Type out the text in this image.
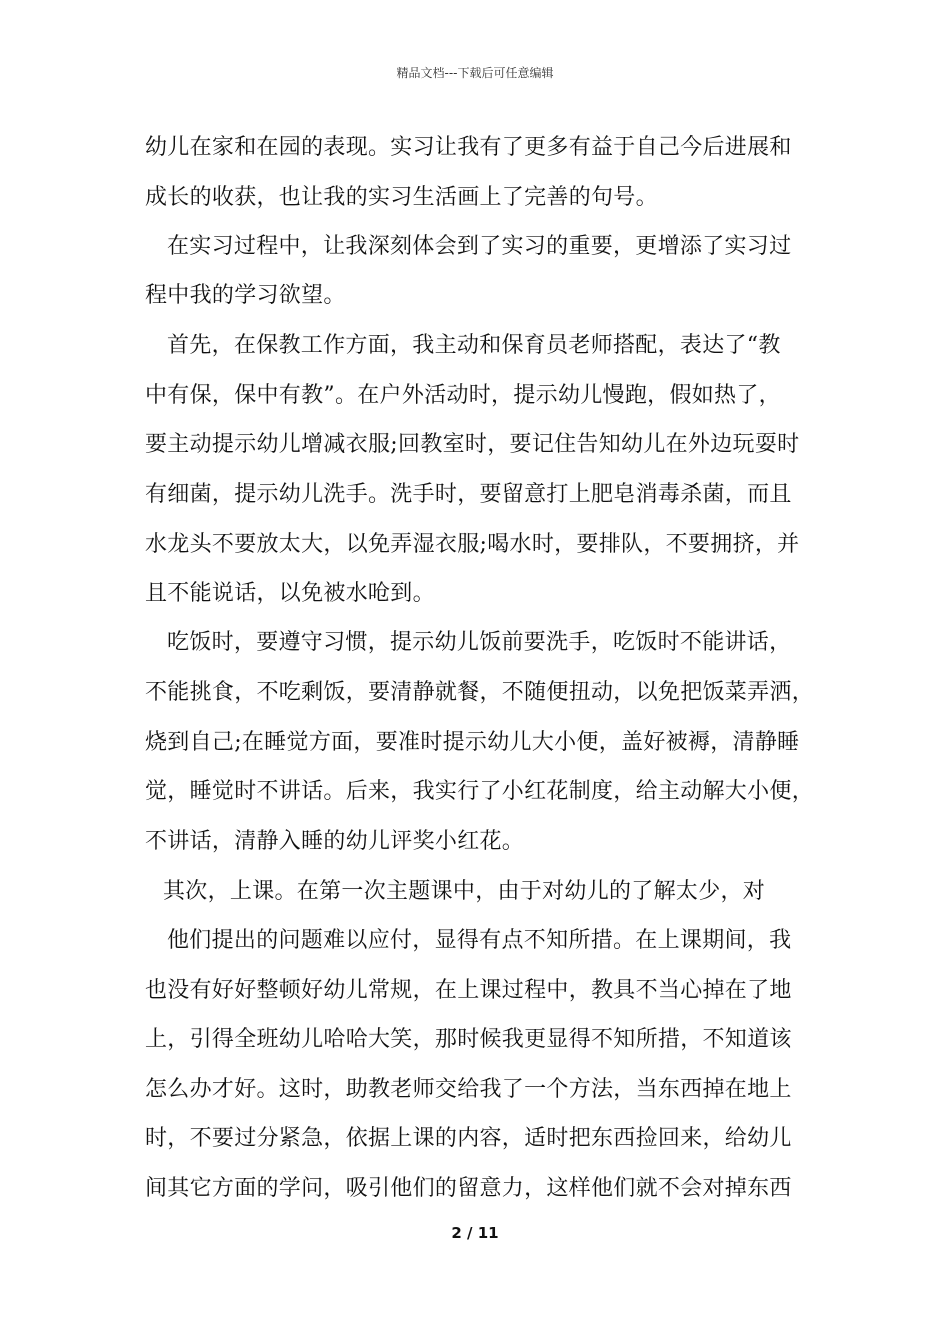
精品文档---下载后可任意编辑
幼儿在家和在园的表现。实习让我有了更多有益于自己今后进展和
成长的收获，也让我的实习生活画上了完善的句号。
在实习过程中，让我深刻体会到了实习的重要，更增添了实习过
程中我的学习欲望。
首先，在保教工作方面，我主动和保育员老师搭配，表达了“教
中有保，保中有教”。在户外活动时，提示幼儿慢跑，假如热了，
要主动提示幼儿增减衣服;回教室时，要记住告知幼儿在外边玩耍时
有细菌，提示幼儿洗手。洗手时，要留意打上肥皂消毒杀菌，而且
水龙头不要放太大，以免弄湿衣服;喝水时，要排队，不要拥挤，并
且不能说话，以免被水呛到。
吃饭时，要遵守习惯，提示幼儿饭前要洗手，吃饭时不能讲话，
不能挑食，不吃剩饭，要清静就餐，不随便扭动，以免把饭菜弄洒，
烧到自己;在睡觉方面，要准时提示幼儿大小便，盖好被褥，清静睡
觉，睡觉时不讲话。后来，我实行了小红花制度，给主动解大小便，
不讲话，清静入睡的幼儿评奖小红花。
其次，上课。在第一次主题课中，由于对幼儿的了解太少，对
他们提出的问题难以应付，显得有点不知所措。在上课期间，我
也没有好好整顿好幼儿常规，在上课过程中，教具不当心掉在了地
上，引得全班幼儿哈哈大笑，那时候我更显得不知所措，不知道该
怎么办才好。这时，助教老师交给我了一个方法，当东西掉在地上
时，不要过分紧急，依据上课的内容，适时把东西捡回来，给幼儿
间其它方面的学问，吸引他们的留意力，这样他们就不会对掉东西
2 / 11
